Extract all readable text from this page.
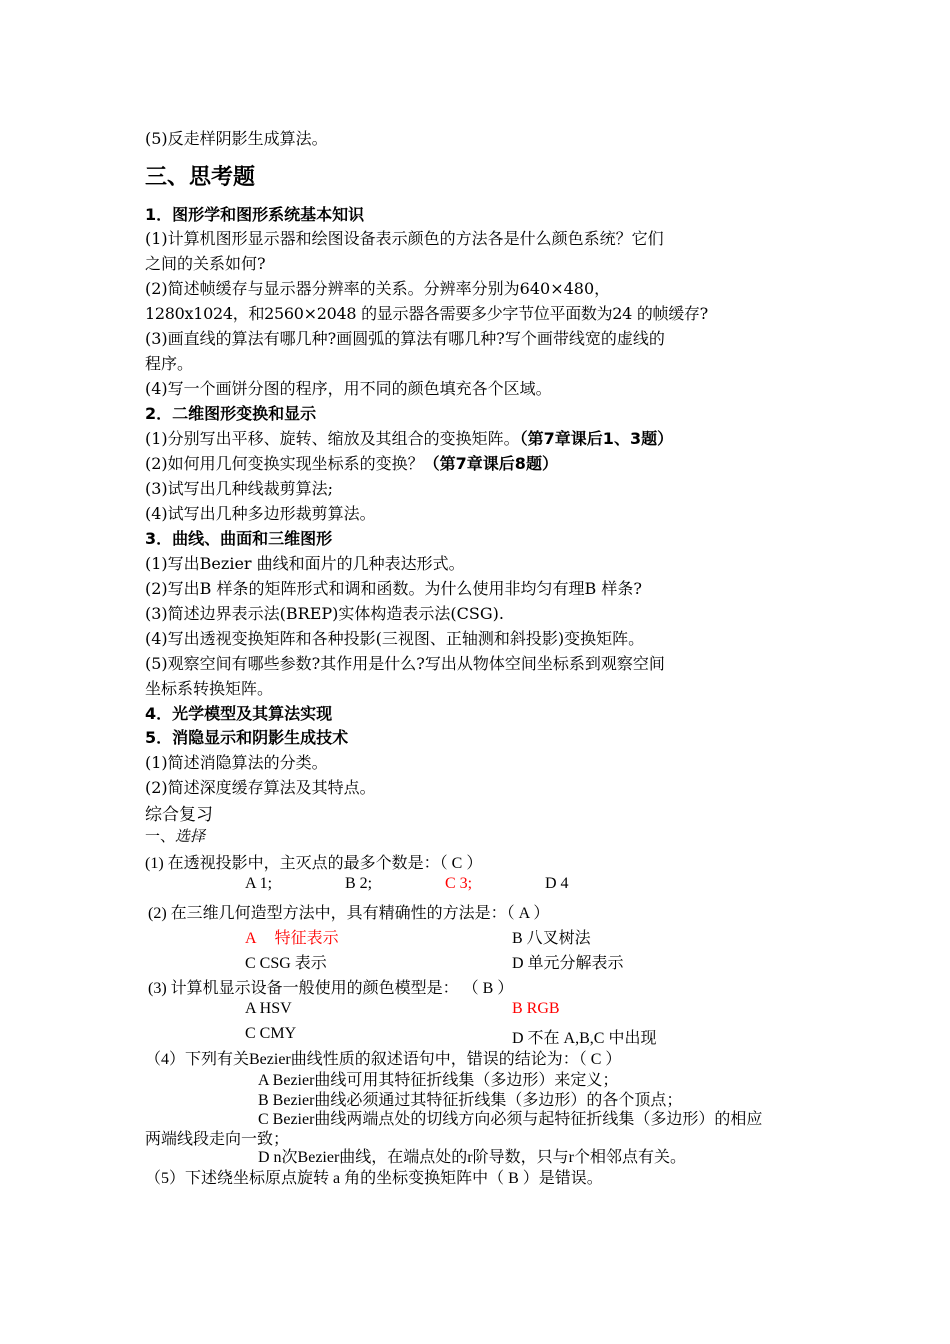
(5)反走样阴影生成算法。
三、思考题
1．图形学和图形系统基本知识
(1)计算机图形显示器和绘图设备表示颜色的方法各是什么颜色系统？它们
之间的关系如何?
(2)简述帧缓存与显示器分辨率的关系。分辨率分别为640×480，
1280x1024，和2560×2048 的显示器各需要多少字节位平面数为24 的帧缓存?
(3)画直线的算法有哪几种?画圆弧的算法有哪几种?写个画带线宽的虚线的
程序。
(4)写一个画饼分图的程序，用不同的颜色填充各个区域。
2．二维图形变换和显示
(1)分别写出平移、旋转、缩放及其组合的变换矩阵。（第7章课后1、3题）
(2)如何用几何变换实现坐标系的变换？（第7章课后8题）
(3)试写出几种线裁剪算法;
(4)试写出几种多边形裁剪算法。
3．曲线、曲面和三维图形
(1)写出Bezier 曲线和面片的几种表达形式。
(2)写出B 样条的矩阵形式和调和函数。为什么使用非均匀有理B 样条?
(3)简述边界表示法(BREP)实体构造表示法(CSG).
(4)写出透视变换矩阵和各种投影(三视图、正轴测和斜投影)变换矩阵。
(5)观察空间有哪些参数?其作用是什么?写出从物体空间坐标系到观察空间
坐标系转换矩阵。
4．光学模型及其算法实现
5．消隐显示和阴影生成技术
(1)简述消隐算法的分类。
(2)简述深度缓存算法及其特点。
综合复习
一、选择
(1) 在透视投影中，主灭点的最多个数是：（ C ）
A 1;	B 2;	C 3;	D 4
(2) 在三维几何造型方法中，具有精确性的方法是：（ A ）
A 特征表示	B 八叉树法
C CSG 表示	D 单元分解表示
(3) 计算机显示设备一般使用的颜色模型是： （ B ）
A HSV	B RGB
C CMY	D 不在 A,B,C 中出现
（4）下列有关Bezier曲线性质的叙述语句中，错误的结论为：（ C ）
A Bezier曲线可用其特征折线集（多边形）来定义；
B Bezier曲线必须通过其特征折线集（多边形）的各个顶点；
C Bezier曲线两端点处的切线方向必须与起特征折线集（多边形）的相应
两端线段走向一致；
D n次Bezier曲线，在端点处的r阶导数，只与r个相邻点有关。
（5）下述绕坐标原点旋转 a 角的坐标变换矩阵中（ B ）是错误。
